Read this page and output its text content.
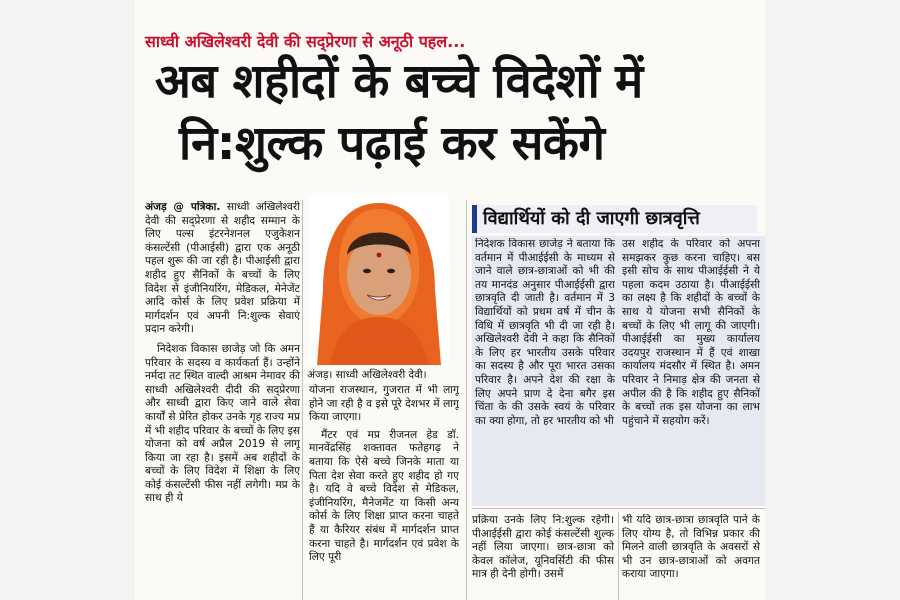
साध्वी अखिलेश्वरी देवी की सद्प्रेरणा से अनूठी पहल...
अब शहीदों के बच्चे विदेशों में
नि:शुल्क पढ़ाई कर सकेंगे

अंजड़ @ पत्रिका. साध्वी अखिलेश्वरी देवी की सद्प्रेरणा से शहीद सम्मान के लिए पल्स इंटरनेशनल एजुकेशन कंसल्टेंसी (पीआईसी) द्वारा एक अनूठी पहल शुरू की जा रही है। पीआईसी द्वारा शहीद हुए सैनिकों के बच्चों के लिए विदेश से इंजीनियरिंग, मेडिकल, मेनेजेंट आदि कोर्स के लिए प्रवेश प्रक्रिया में मार्गदर्शन एवं अपनी नि:शुल्क सेवाएं प्रदान करेगी।

निदेशक विकास छाजेड़ जो कि अमन परिवार के सदस्य व कार्यकर्ता हैं। उन्होंने नर्मदा तट स्थित वाल्दी आश्रम नेमावर की साध्वी अखिलेश्वरी दीदी की सद्प्रेरणा और साध्वी द्वारा किए जाने वाले सेवा कार्यों से प्रेरित होकर उनके गृह राज्य मप्र में भी शहीद परिवार के बच्चों के लिए इस योजना को वर्ष अप्रैल 2019 से लागू किया जा रहा है। इसमें अब शहीदों के बच्चों के लिए विदेश में शिक्षा के लिए कोई कंसल्टेंसी फीस नहीं लगेगी। मप्र के साथ ही ये

अंजड़। साध्वी अखिलेश्वरी देवी।

योजना राजस्थान, गुजरात में भी लागू होने जा रही है व इसे पूरे देशभर में लागू किया जाएगा।

मैंटर एवं मप्र रीजनल हेड डॉ. मानवेंद्रसिंह शक्तावत फतेहगढ़ ने बताया कि ऐसे बच्चे जिनके माता या पिता देश सेवा करते हुए शहीद हो गए है। यदि वे बच्चे विदेश से मेडिकल, इंजीनियरिंग, मैनेजमेंट या किसी अन्य कोर्स के लिए शिक्षा प्राप्त करना चाहते हैं या कैरियर संबंध में मार्गदर्शन प्राप्त करना चाहते है। मार्गदर्शन एवं प्रवेश के लिए पूरी

विद्यार्थियों को दी जाएगी छात्रवृत्ति

निदेशक विकास छाजेड़ ने बताया कि वर्तमान में पीआईईसी के माध्यम से जाने वाले छात्र-छात्राओं को भी की तय मानदंड अनुसार पीआईईसी द्वारा छात्रवृति दी जाती है। वर्तमान में 3 विद्यार्थियों को प्रथम वर्ष में चीन के विधि में छात्रवृति भी दी जा रही है। अखिलेश्वरी देवी ने कहा कि सैनिकों के लिए हर भारतीय उसके परिवार का सदस्य है और पूरा भारत उसका परिवार है। अपने देश की रक्षा के लिए अपने प्राण दे देना बगैर इस चिंता के की उसके स्वयं के परिवार का क्या होगा, तो हर भारतीय को भी

उस शहीद के परिवार को अपना समझकर कुछ करना चाहिए। बस इसी सोच के साथ पीआईईसी ने ये पहला कदम उठाया है। पीआईईसी का लक्ष्य है कि शहीदों के बच्चों के साथ ये योजना सभी सैनिकों के बच्चों के लिए भी लागू की जाएगी। पीआईईसी का मुख्य कार्यालय उदयपुर राजस्थान में हैं एवं शाखा कार्यालय मंदसौर में स्थित है। अमन परिवार ने निमाड़ क्षेत्र की जनता से अपील की है कि शहीद हुए सैनिकों के बच्चों तक इस योजना का लाभ पहुंचाने में सहयोग करें।

प्रक्रिया उनके लिए नि:शुल्क रहेगी। पीआईईसी द्वारा कोई कंसल्टेंसी शुल्क नहीं लिया जाएगा। छात्र-छात्रा को केवल कॉलेज, यूनिवर्सिटी की फीस मात्र ही देनी होगी। उसमें

भी यदि छात्र-छात्रा छात्रवृति पाने के लिए योग्य है, तो विभिन्न प्रकार की मिलने वाली छात्रवृति के अवसरों से भी उन छात्र-छात्राओं को अवगत कराया जाएगा।
